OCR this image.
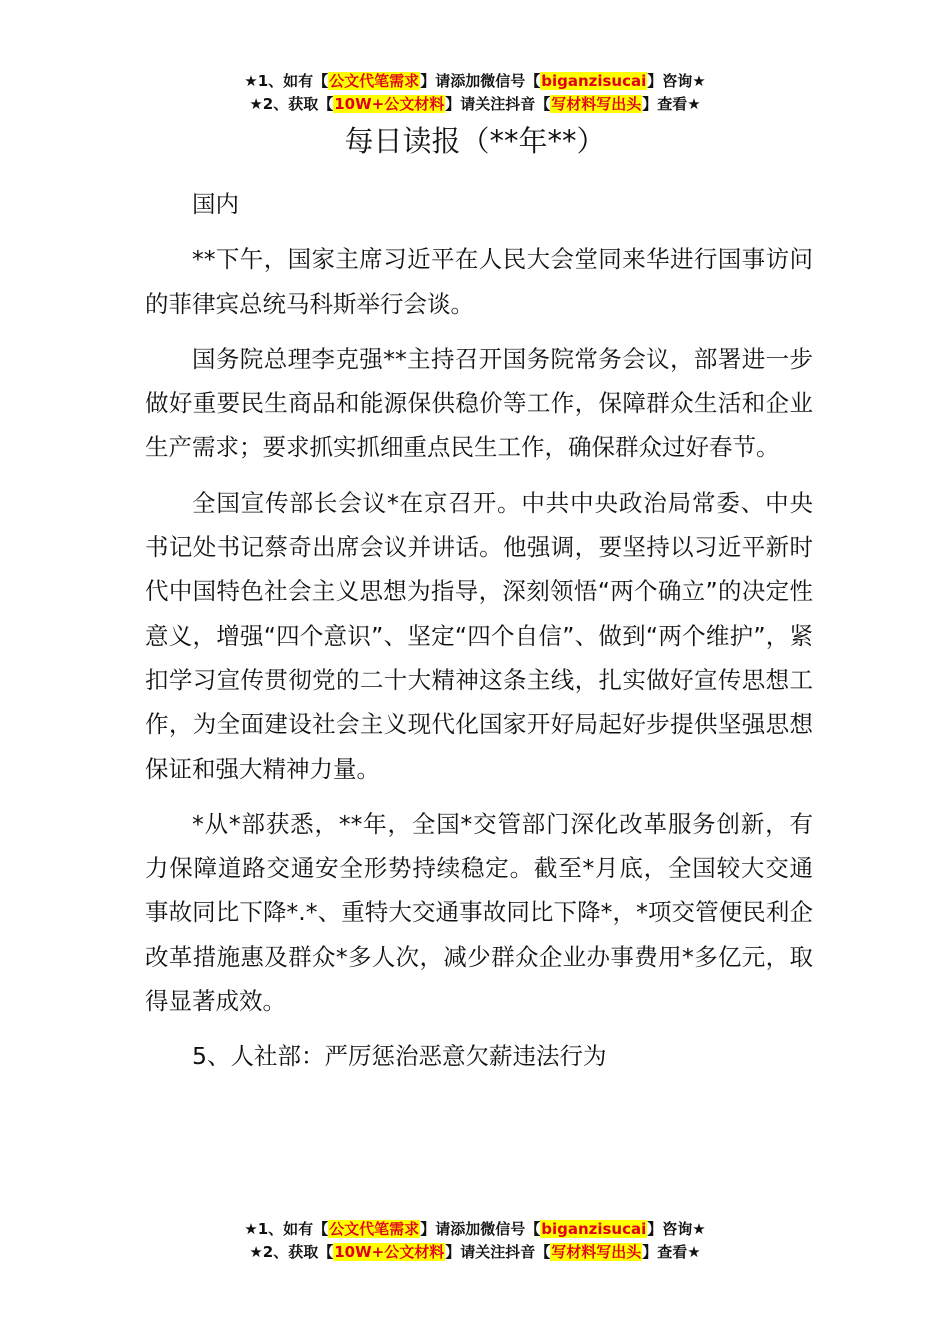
★1、如有【公文代笔需求】请添加微信号【biganzisucai】咨询★
★2、获取【10W+公文材料】请关注抖音【写材料写出头】查看★
每日读报（**年**）

国内

**下午，国家主席习近平在人民大会堂同来华进行国事访问的菲律宾总统马科斯举行会谈。

国务院总理李克强**主持召开国务院常务会议，部署进一步做好重要民生商品和能源保供稳价等工作，保障群众生活和企业生产需求；要求抓实抓细重点民生工作，确保群众过好春节。

全国宣传部长会议*在京召开。中共中央政治局常委、中央书记处书记蔡奇出席会议并讲话。他强调，要坚持以习近平新时代中国特色社会主义思想为指导，深刻领悟“两个确立”的决定性意义，增强“四个意识”、坚定“四个自信”、做到“两个维护”，紧扣学习宣传贯彻党的二十大精神这条主线，扎实做好宣传思想工作，为全面建设社会主义现代化国家开好局起好步提供坚强思想保证和强大精神力量。

*从*部获悉，**年，全国*交管部门深化改革服务创新，有力保障道路交通安全形势持续稳定。截至*月底，全国较大交通事故同比下降*.*、重特大交通事故同比下降*，*项交管便民利企改革措施惠及群众*多人次，减少群众企业办事费用*多亿元，取得显著成效。

5、人社部：严厉惩治恶意欠薪违法行为

★1、如有【公文代笔需求】请添加微信号【biganzisucai】咨询★
★2、获取【10W+公文材料】请关注抖音【写材料写出头】查看★
